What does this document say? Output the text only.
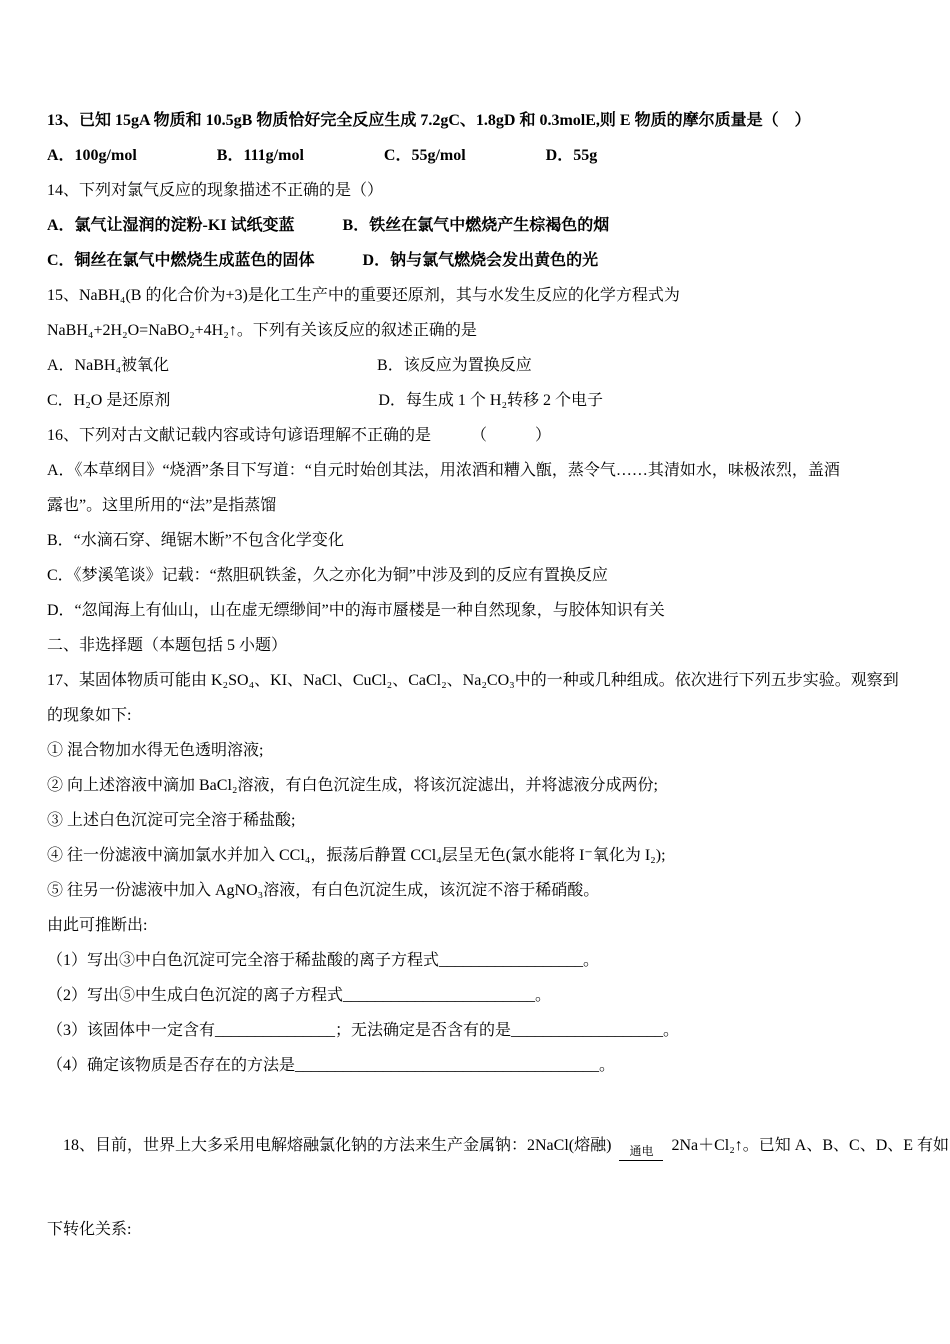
13、已知 15gA 物质和 10.5gB 物质恰好完全反应生成 7.2gC、1.8gD 和 0.3molE,则 E 物质的摩尔质量是（　）
A．100g/mol　　　　　B．111g/mol　　　　　C．55g/mol　　　　　D．55g
14、下列对氯气反应的现象描述不正确的是（）
A．氯气让湿润的淀粉-KI 试纸变蓝　　　B．铁丝在氯气中燃烧产生棕褐色的烟
C．铜丝在氯气中燃烧生成蓝色的固体　　　D．钠与氯气燃烧会发出黄色的光
15、NaBH₄(B 的化合价为+3)是化工生产中的重要还原剂，其与水发生反应的化学方程式为
NaBH₄+2H₂O=NaBO₂+4H₂↑。下列有关该反应的叙述正确的是
A．NaBH₄被氧化　　　　　　　　　　　　　B．该反应为置换反应
C．H₂O 是还原剂　　　　　　　　　　　　　D．每生成 1 个 H₂转移 2 个电子
16、下列对古文献记载内容或诗句谚语理解不正确的是　　　（　　　）
A．《本草纲目》“烧酒”条目下写道：“自元时始创其法，用浓酒和糟入甑，蒸令气……其清如水，味极浓烈，盖酒
露也”。这里所用的“法”是指蒸馏
B．“水滴石穿、绳锯木断”不包含化学变化
C．《梦溪笔谈》记载：“熬胆矾铁釜，久之亦化为铜”中涉及到的反应有置换反应
D．“忽闻海上有仙山，山在虚无缥缈间”中的海市蜃楼是一种自然现象，与胶体知识有关
二、非选择题（本题包括 5 小题）
17、某固体物质可能由 K₂SO₄、KI、NaCl、CuCl₂、CaCl₂、Na₂CO₃中的一种或几种组成。依次进行下列五步实验。观察到
的现象如下:
① 混合物加水得无色透明溶液;
② 向上述溶液中滴加 BaCl₂溶液，有白色沉淀生成，将该沉淀滤出，并将滤液分成两份;
③ 上述白色沉淀可完全溶于稀盐酸;
④ 往一份滤液中滴加氯水并加入 CCl₄，振荡后静置 CCl₄层呈无色(氯水能将 I⁻氧化为 I₂);
⑤ 往另一份滤液中加入 AgNO₃溶液，有白色沉淀生成，该沉淀不溶于稀硝酸。
由此可推断出:
（1）写出③中白色沉淀可完全溶于稀盐酸的离子方程式__________________。
（2）写出⑤中生成白色沉淀的离子方程式________________________。
（3）该固体中一定含有_______________；无法确定是否含有的是___________________。
（4）确定该物质是否存在的方法是______________________________________。

18、目前，世界上大多采用电解熔融氯化钠的方法来生产金属钠：2NaCl(熔融)	通电 2Na＋Cl₂↑。已知 A、B、C、D、E 有如

下转化关系:
